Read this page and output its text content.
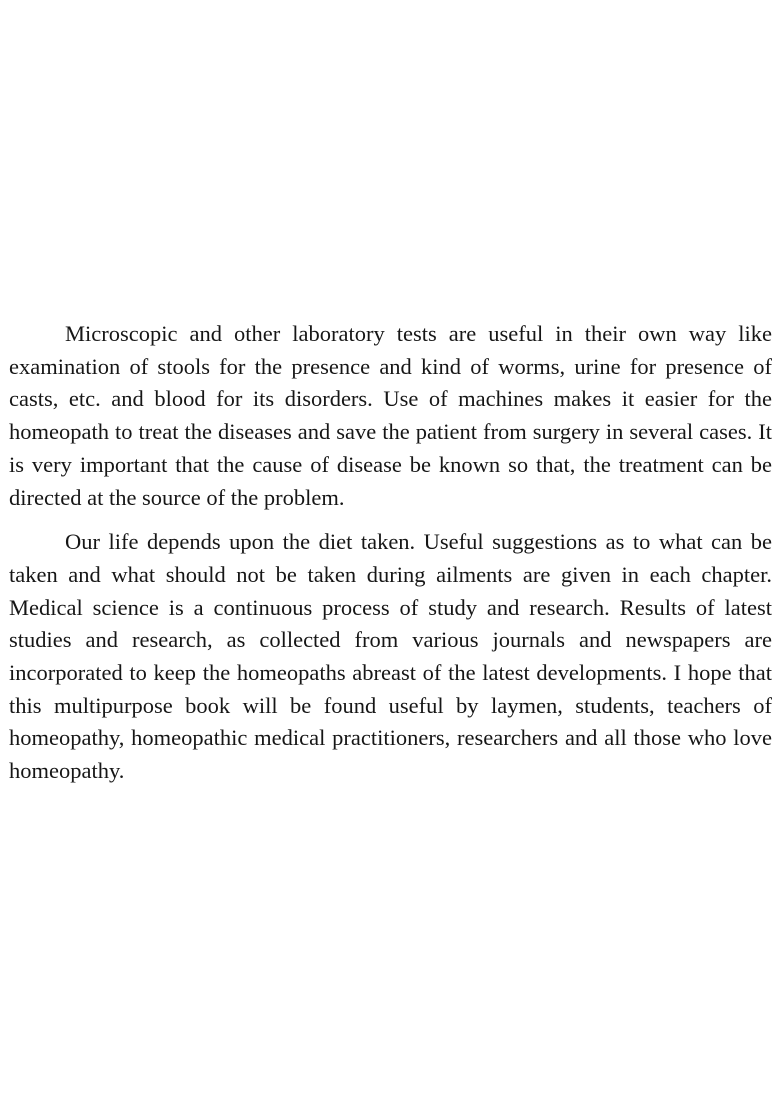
Microscopic and other laboratory tests are useful in their own way like examination of stools for the presence and kind of worms, urine for presence of casts, etc. and blood for its disorders. Use of machines makes it easier for the homeopath to treat the diseases and save the patient from surgery in several cases. It is very important that the cause of disease be known so that, the treatment can be directed at the source of the problem.

Our life depends upon the diet taken. Useful suggestions as to what can be taken and what should not be taken during ailments are given in each chapter. Medical science is a continuous process of study and research. Results of latest studies and research, as collected from various journals and newspapers are incorporated to keep the homeopaths abreast of the latest developments. I hope that this multipurpose book will be found useful by laymen, students, teachers of homeopathy, homeopathic medical practitioners, researchers and all those who love homeopathy.
